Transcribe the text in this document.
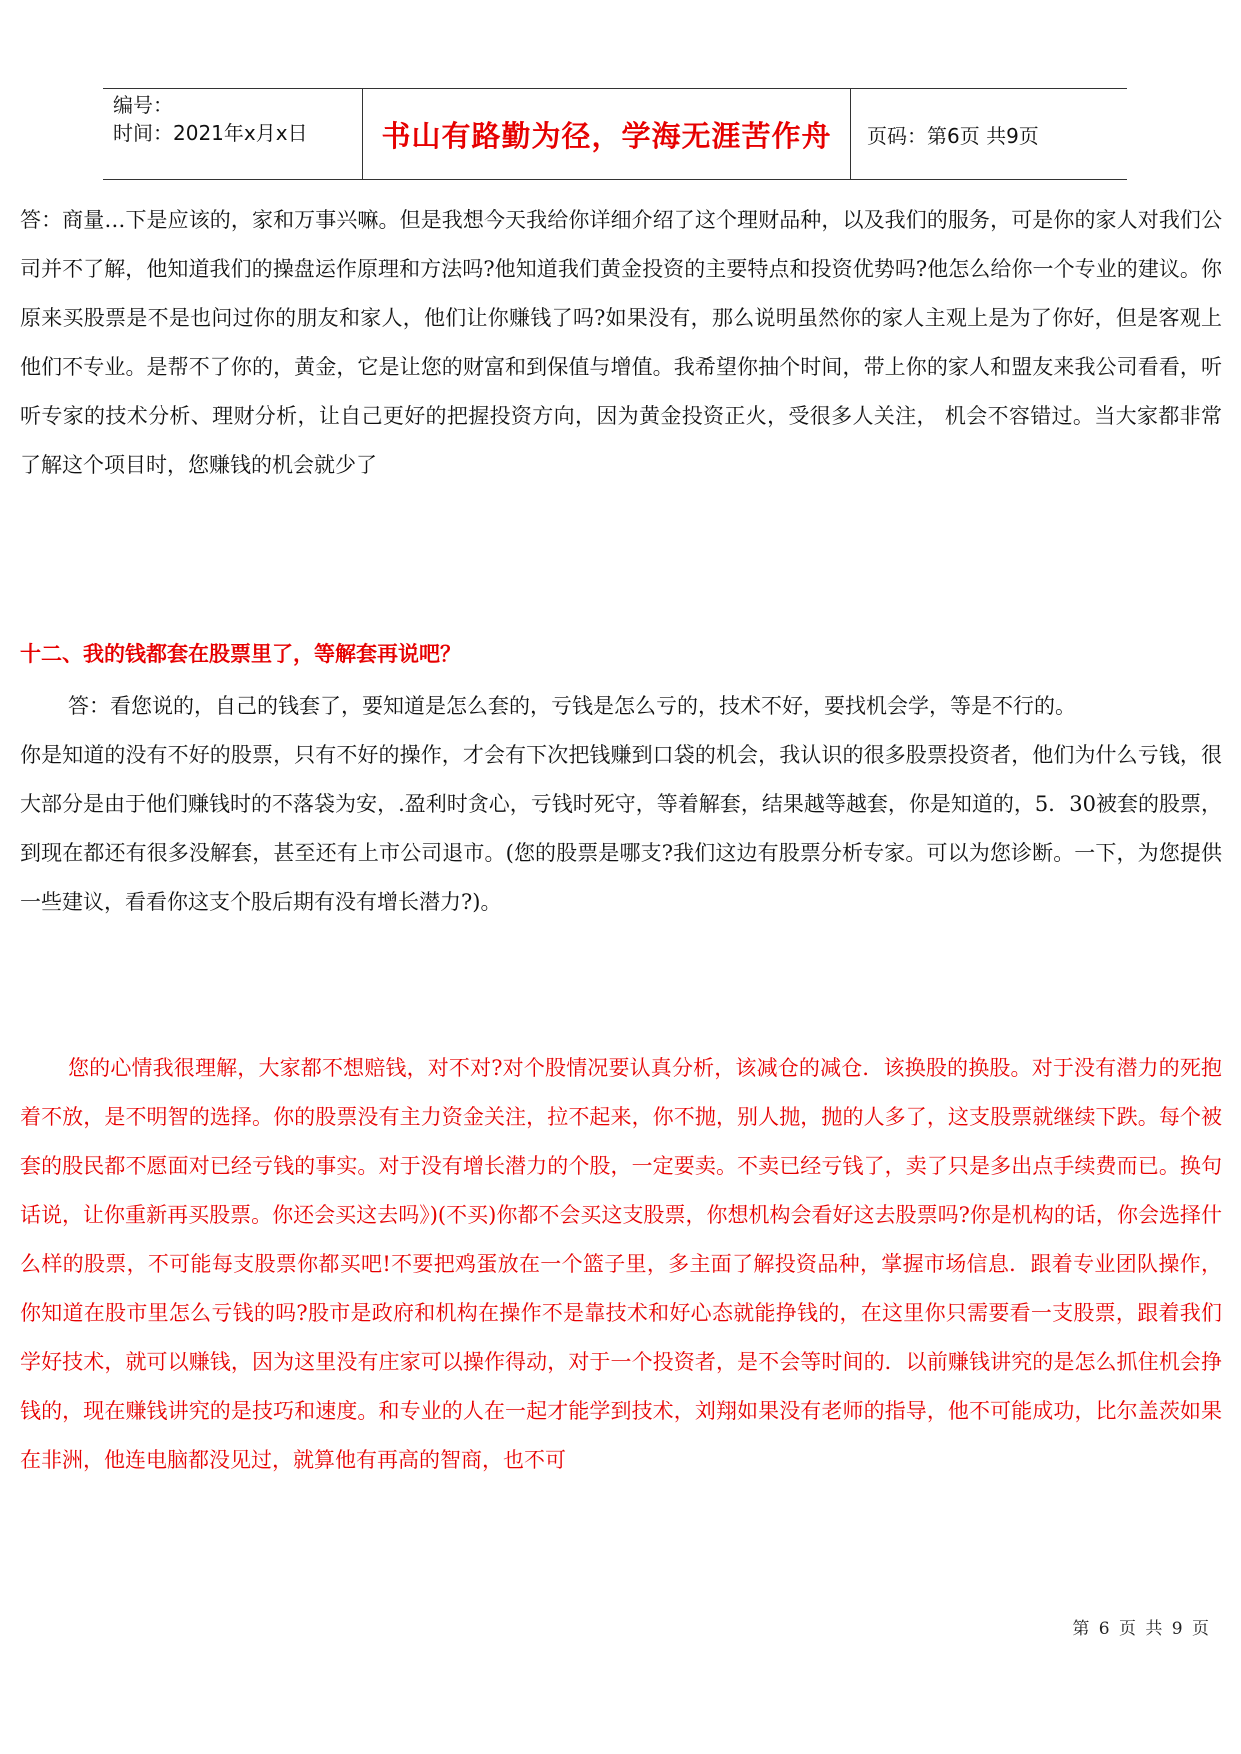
编号：
时间：2021年x月x日	书山有路勤为径，学海无涯苦作舟 页码：第6页 共9页

答：商量…下是应该的，家和万事兴嘛。但是我想今天我给你详细介绍了这个理财品种，以及我们的服务，可是你的家人对我们公司并不了解，他知道我们的操盘运作原理和方法吗?他知道我们黄金投资的主要特点和投资优势吗?他怎么给你一个专业的建议。你原来买股票是不是也问过你的朋友和家人，他们让你赚钱了吗?如果没有，那么说明虽然你的家人主观上是为了你好，但是客观上他们不专业。是帮不了你的，黄金，它是让您的财富和到保值与增值。我希望你抽个时间，带上你的家人和盟友来我公司看看，听听专家的技术分析、理财分析，让自己更好的把握投资方向，因为黄金投资正火，受很多人关注， 机会不容错过。当大家都非常了解这个项目时，您赚钱的机会就少了

十二、我的钱都套在股票里了，等解套再说吧？

答：看您说的，自己的钱套了，要知道是怎么套的，亏钱是怎么亏的，技术不好，要找机会学，等是不行的。

你是知道的没有不好的股票，只有不好的操作，才会有下次把钱赚到口袋的机会，我认识的很多股票投资者，他们为什么亏钱，很大部分是由于他们赚钱时的不落袋为安，.盈利时贪心，亏钱时死守，等着解套，结果越等越套，你是知道的，5．30被套的股票，到现在都还有很多没解套，甚至还有上市公司退市。(您的股票是哪支?我们这边有股票分析专家。可以为您诊断。一下，为您提供一些建议，看看你这支个股后期有没有增长潜力?)。

您的心情我很理解，大家都不想赔钱，对不对?对个股情况要认真分析，该减仓的减仓．该换股的换股。对于没有潜力的死抱着不放，是不明智的选择。你的股票没有主力资金关注，拉不起来，你不抛，别人抛，抛的人多了，这支股票就继续下跌。每个被套的股民都不愿面对已经亏钱的事实。对于没有增长潜力的个股，一定要卖。不卖已经亏钱了，卖了只是多出点手续费而已。换句话说，让你重新再买股票。你还会买这去吗》)(不买)你都不会买这支股票，你想机构会看好这去股票吗?你是机构的话，你会选择什么样的股票，不可能每支股票你都买吧!不要把鸡蛋放在一个篮子里，多主面了解投资品种，掌握市场信息．跟着专业团队操作，你知道在股市里怎么亏钱的吗?股市是政府和机构在操作不是靠技术和好心态就能挣钱的，在这里你只需要看一支股票，跟着我们学好技术，就可以赚钱，因为这里没有庄家可以操作得动，对于一个投资者，是不会等时间的．以前赚钱讲究的是怎么抓住机会挣钱的，现在赚钱讲究的是技巧和速度。和专业的人在一起才能学到技术，刘翔如果没有老师的指导，他不可能成功，比尔盖茨如果在非洲，他连电脑都没见过，就算他有再高的智商，也不可

第 6 页 共 9 页
